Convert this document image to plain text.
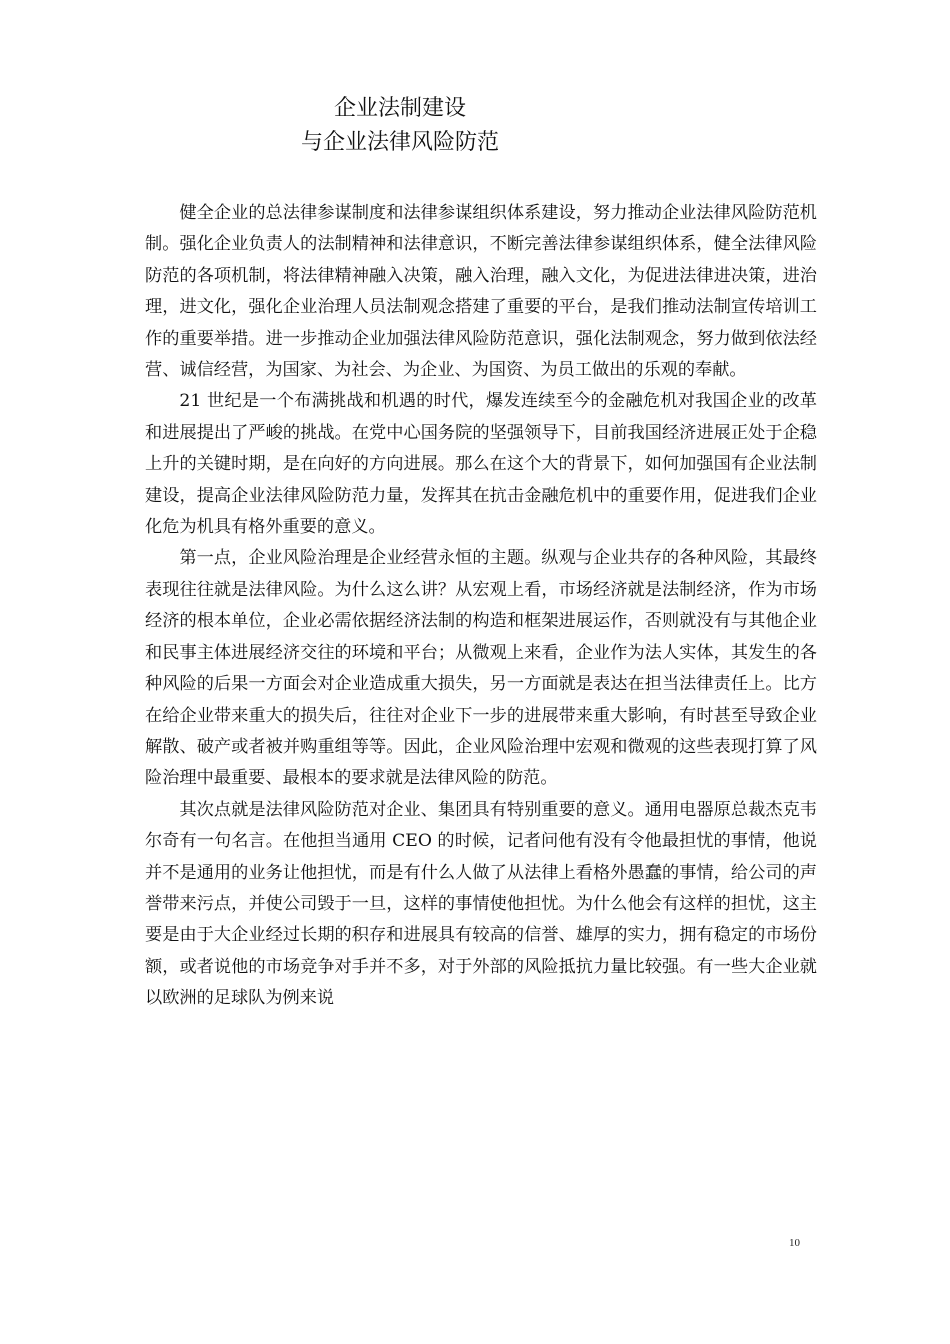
企业法制建设
与企业法律风险防范

健全企业的总法律参谋制度和法律参谋组织体系建设，努力推动企业法律风险防范机制。强化企业负责人的法制精神和法律意识，不断完善法律参谋组织体系，健全法律风险防范的各项机制，将法律精神融入决策，融入治理，融入文化，为促进法律进决策，进治理，进文化，强化企业治理人员法制观念搭建了重要的平台，是我们推动法制宣传培训工作的重要举措。进一步推动企业加强法律风险防范意识，强化法制观念，努力做到依法经营、诚信经营，为国家、为社会、为企业、为国资、为员工做出的乐观的奉献。

21 世纪是一个布满挑战和机遇的时代，爆发连续至今的金融危机对我国企业的改革和进展提出了严峻的挑战。在党中心国务院的坚强领导下，目前我国经济进展正处于企稳上升的关键时期，是在向好的方向进展。那么在这个大的背景下，如何加强国有企业法制建设，提高企业法律风险防范力量，发挥其在抗击金融危机中的重要作用，促进我们企业化危为机具有格外重要的意义。

第一点，企业风险治理是企业经营永恒的主题。纵观与企业共存的各种风险，其最终表现往往就是法律风险。为什么这么讲？从宏观上看，市场经济就是法制经济，作为市场经济的根本单位，企业必需依据经济法制的构造和框架进展运作，否则就没有与其他企业和民事主体进展经济交往的环境和平台；从微观上来看，企业作为法人实体，其发生的各种风险的后果一方面会对企业造成重大损失，另一方面就是表达在担当法律责任上。比方在给企业带来重大的损失后，往往对企业下一步的进展带来重大影响，有时甚至导致企业解散、破产或者被并购重组等等。因此，企业风险治理中宏观和微观的这些表现打算了风险治理中最重要、最根本的要求就是法律风险的防范。

其次点就是法律风险防范对企业、集团具有特别重要的意义。通用电器原总裁杰克韦尔奇有一句名言。在他担当通用 CEO 的时候，记者问他有没有令他最担忧的事情，他说并不是通用的业务让他担忧，而是有什么人做了从法律上看格外愚蠢的事情，给公司的声誉带来污点，并使公司毁于一旦，这样的事情使他担忧。为什么他会有这样的担忧，这主要是由于大企业经过长期的积存和进展具有较高的信誉、雄厚的实力，拥有稳定的市场份额，或者说他的市场竞争对手并不多，对于外部的风险抵抗力量比较强。有一些大企业就以欧洲的足球队为例来说

10
